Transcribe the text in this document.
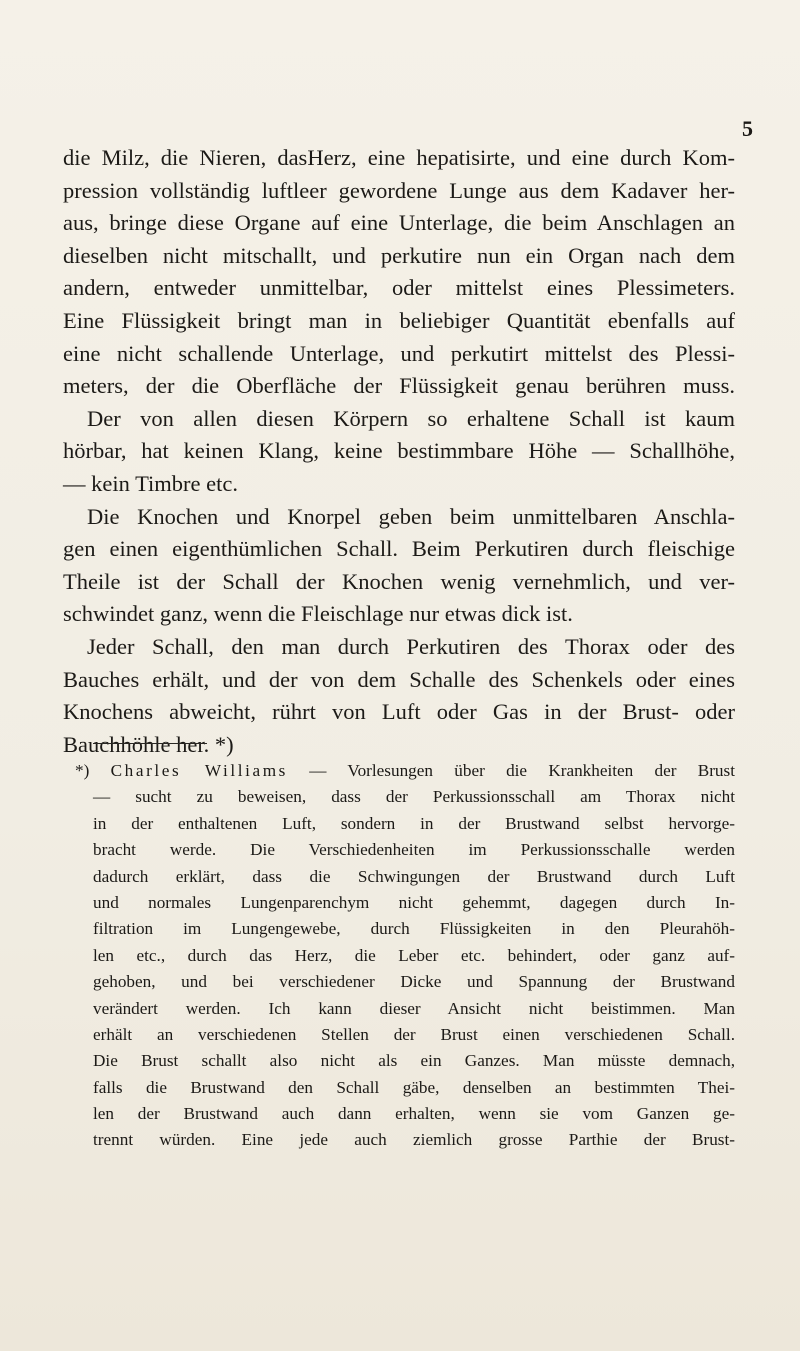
5
die Milz, die Nieren, dasHerz, eine hepatisirte, und eine durch Kom-
pression vollständig luftleer gewordene Lunge aus dem Kadaver her-
aus, bringe diese Organe auf eine Unterlage, die beim Anschlagen an
dieselben nicht mitschallt, und perkutire nun ein Organ nach dem
andern, entweder unmittelbar, oder mittelst eines Plessimeters.
Eine Flüssigkeit bringt man in beliebiger Quantität ebenfalls auf
eine nicht schallende Unterlage, und perkutirt mittelst des Plessi-
meters, der die Oberfläche der Flüssigkeit genau berühren muss.
Der von allen diesen Körpern so erhaltene Schall ist kaum
hörbar, hat keinen Klang, keine bestimmbare Höhe — Schallhöhe,
— kein Timbre etc.
Die Knochen und Knorpel geben beim unmittelbaren Anschla-
gen einen eigenthümlichen Schall. Beim Perkutiren durch fleischige
Theile ist der Schall der Knochen wenig vernehmlich, und ver-
schwindet ganz, wenn die Fleischlage nur etwas dick ist.
Jeder Schall, den man durch Perkutiren des Thorax oder des
Bauches erhält, und der von dem Schalle des Schenkels oder eines
Knochens abweicht, rührt von Luft oder Gas in der Brust- oder
Bauchhöhle her. *)
*) Charles Williams — Vorlesungen über die Krankheiten der Brust
— sucht zu beweisen, dass der Perkussionsschall am Thorax nicht
in der enthaltenen Luft, sondern in der Brustwand selbst hervorge-
bracht werde. Die Verschiedenheiten im Perkussionsschalle werden
dadurch erklärt, dass die Schwingungen der Brustwand durch Luft
und normales Lungenparenchym nicht gehemmt, dagegen durch In-
filtration im Lungengewebe, durch Flüssigkeiten in den Pleurahöh-
len etc., durch das Herz, die Leber etc. behindert, oder ganz auf-
gehoben, und bei verschiedener Dicke und Spannung der Brustwand
verändert werden. Ich kann dieser Ansicht nicht beistimmen. Man
erhält an verschiedenen Stellen der Brust einen verschiedenen Schall.
Die Brust schallt also nicht als ein Ganzes. Man müsste demnach,
falls die Brustwand den Schall gäbe, denselben an bestimmten Thei-
len der Brustwand auch dann erhalten, wenn sie vom Ganzen ge-
trennt würden. Eine jede auch ziemlich grosse Parthie der Brust-
